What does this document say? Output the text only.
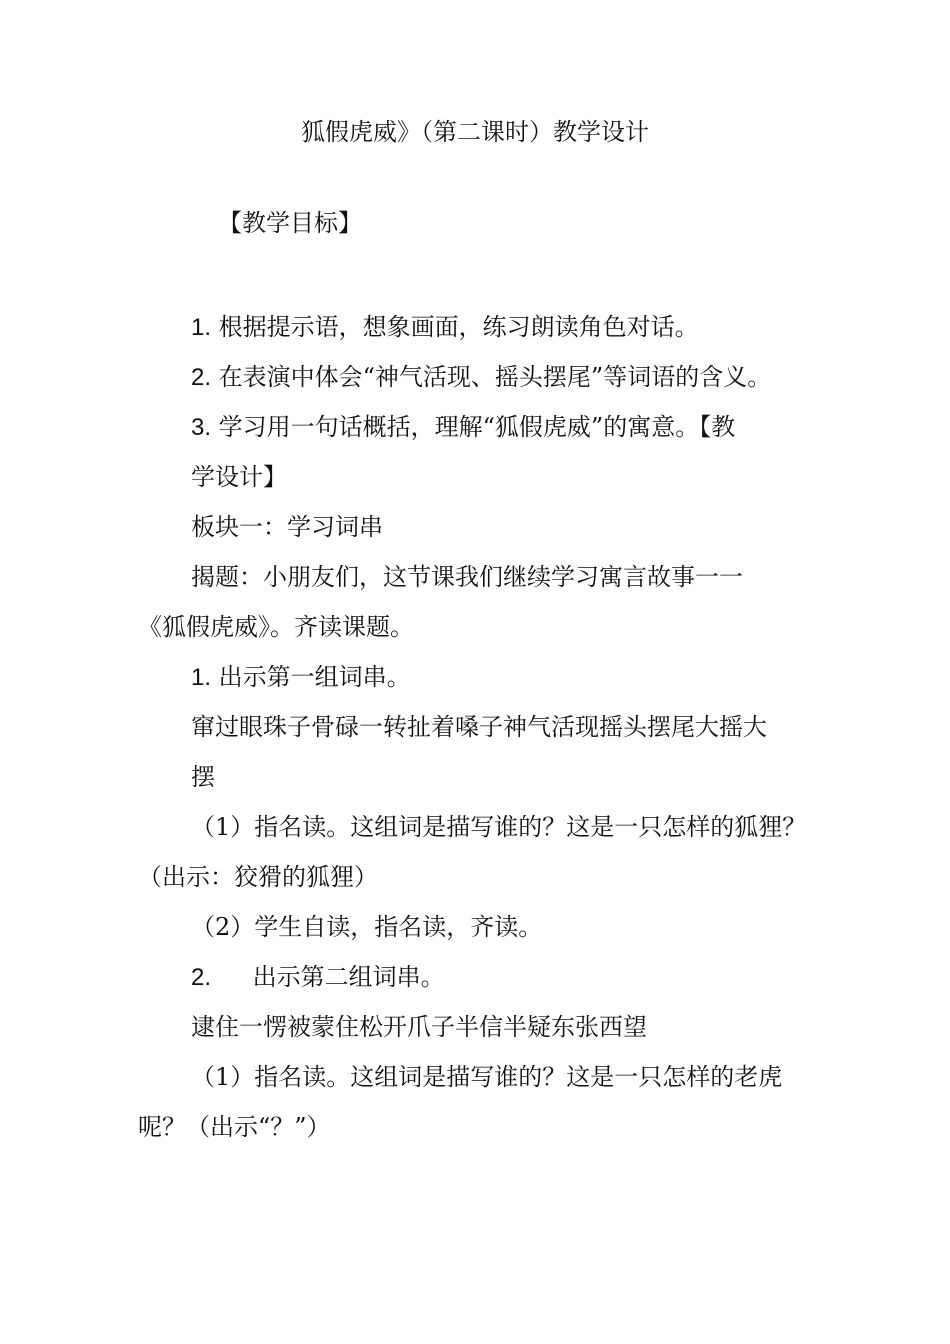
狐假虎威》（第二课时）教学设计
【教学目标】
1. 根据提示语，想象画面，练习朗读角色对话。
2. 在表演中体会“神气活现、摇头摆尾”等词语的含义。
3. 学习用一句话概括，理解“狐假虎威”的寓意。【教
学设计】
板块一：学习词串
揭题：小朋友们，这节课我们继续学习寓言故事一一
《狐假虎威》。齐读课题。
1. 出示第一组词串。
窜过眼珠子骨碌一转扯着嗓子神气活现摇头摆尾大摇大
摆
（1）指名读。这组词是描写谁的？这是一只怎样的狐狸？
（出示：狡猾的狐狸）
（2）学生自读，指名读，齐读。
2. 出示第二组词串。
逮住一愣被蒙住松开爪子半信半疑东张西望
（1）指名读。这组词是描写谁的？这是一只怎样的老虎
呢？（出示“？”）
